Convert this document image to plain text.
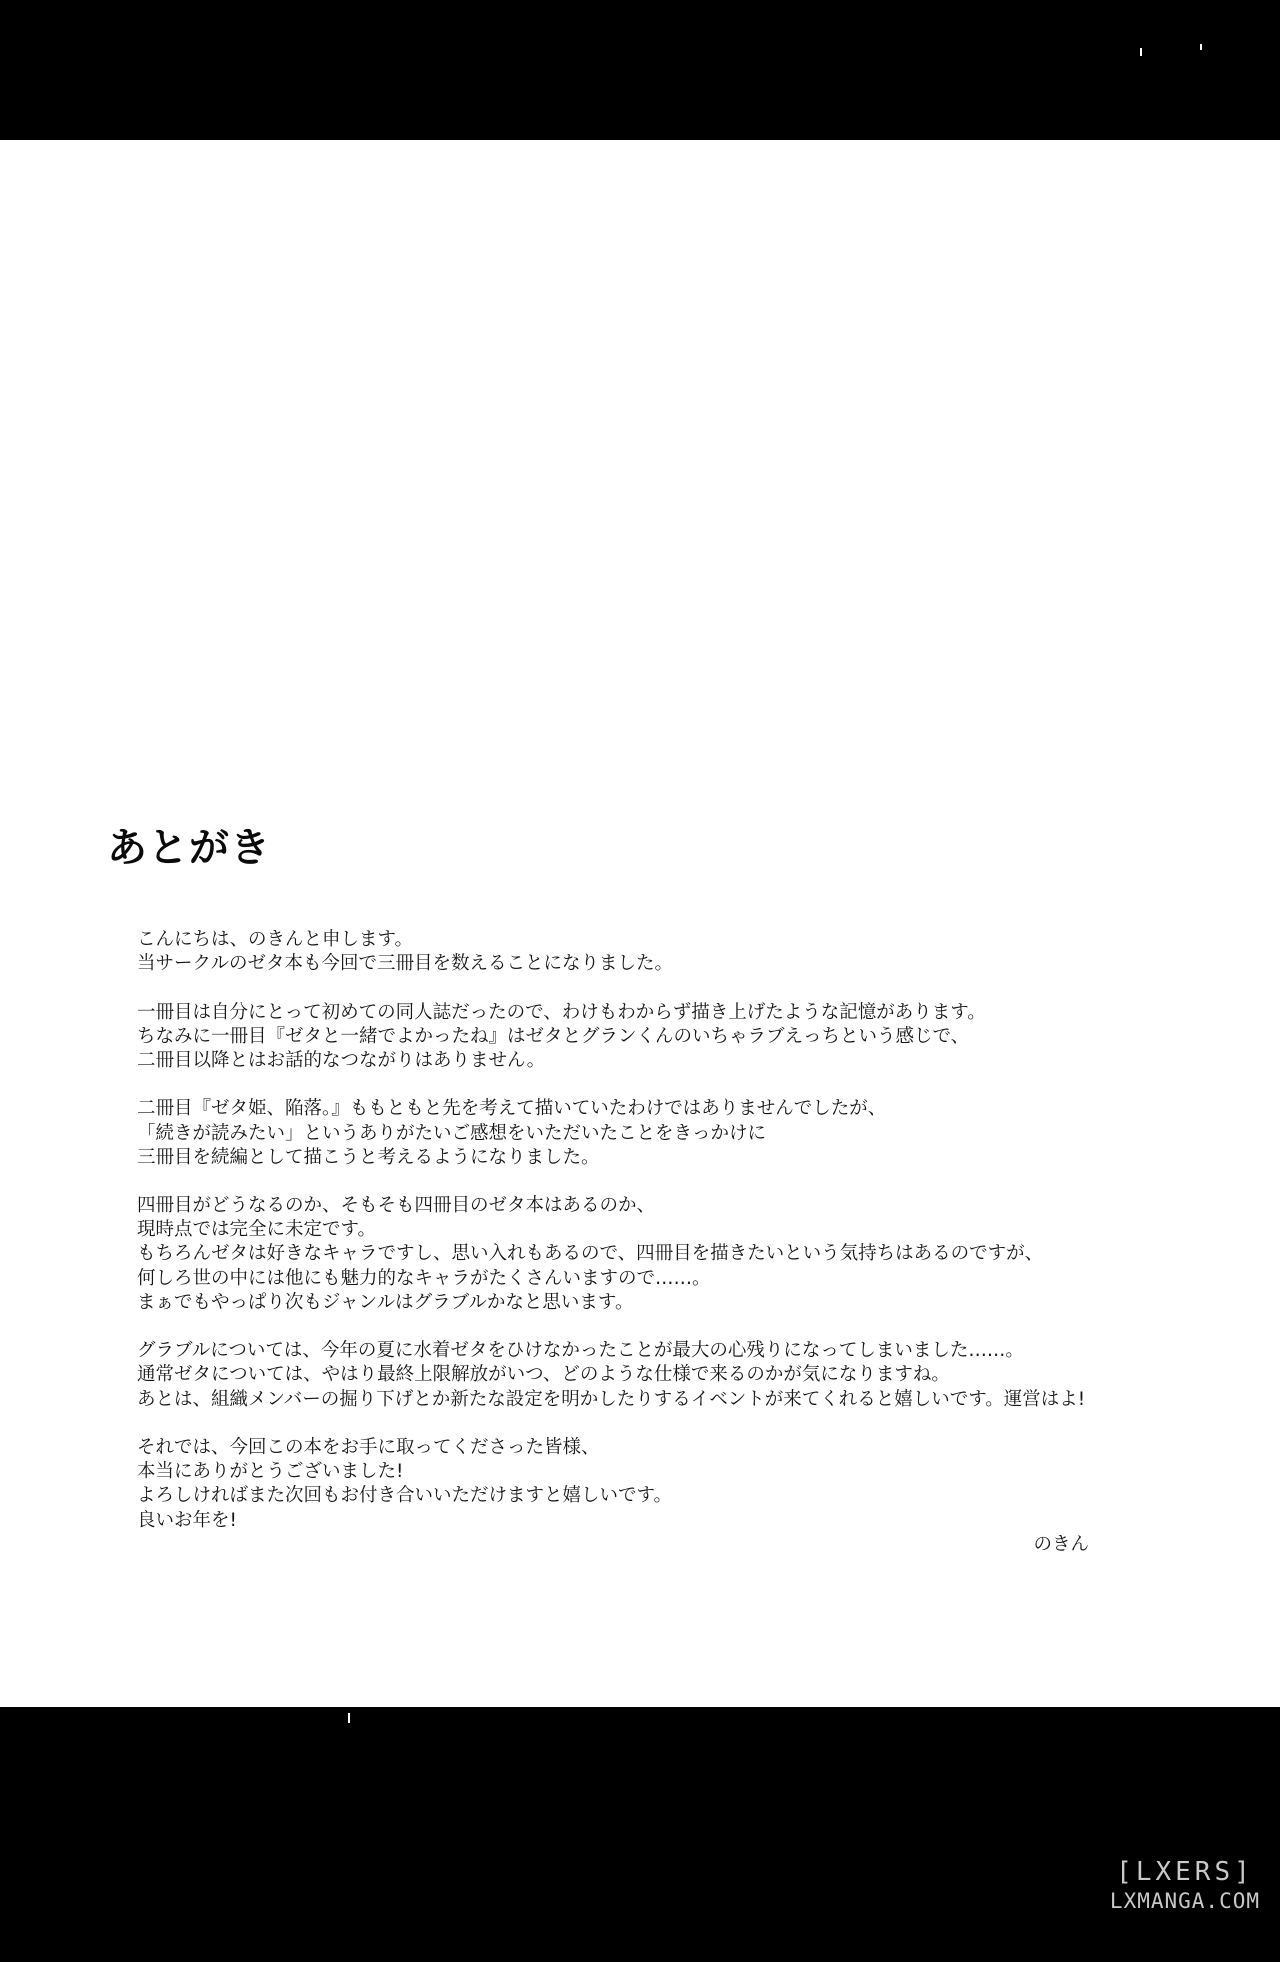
あとがき
こんにちは、のきんと申します。
当サークルのゼタ本も今回で三冊目を数えることになりました。
一冊目は自分にとって初めての同人誌だったので、わけもわからず描き上げたような記憶があります。
ちなみに一冊目『ゼタと一緒でよかったね』はゼタとグランくんのいちゃラブえっちという感じで、
二冊目以降とはお話的なつながりはありません。
二冊目『ゼタ姫、陥落。』ももともと先を考えて描いていたわけではありませんでしたが、
「続きが読みたい」というありがたいご感想をいただいたことをきっかけに
三冊目を続編として描こうと考えるようになりました。
四冊目がどうなるのか、そもそも四冊目のゼタ本はあるのか、
現時点では完全に未定です。
もちろんゼタは好きなキャラですし、思い入れもあるので、四冊目を描きたいという気持ちはあるのですが、
何しろ世の中には他にも魅力的なキャラがたくさんいますので……。
まぁでもやっぱり次もジャンルはグラブルかなと思います。
グラブルについては、今年の夏に水着ゼタをひけなかったことが最大の心残りになってしまいました……。
通常ゼタについては、やはり最終上限解放がいつ、どのような仕様で来るのかが気になりますね。
あとは、組織メンバーの掘り下げとか新たな設定を明かしたりするイベントが来てくれると嬉しいです。運営はよ!
それでは、今回この本をお手に取ってくださった皆様、
本当にありがとうございました!
よろしければまた次回もお付き合いいただけますと嬉しいです。
良いお年を!
のきん
[LXERS]
LXMANGA.COM
